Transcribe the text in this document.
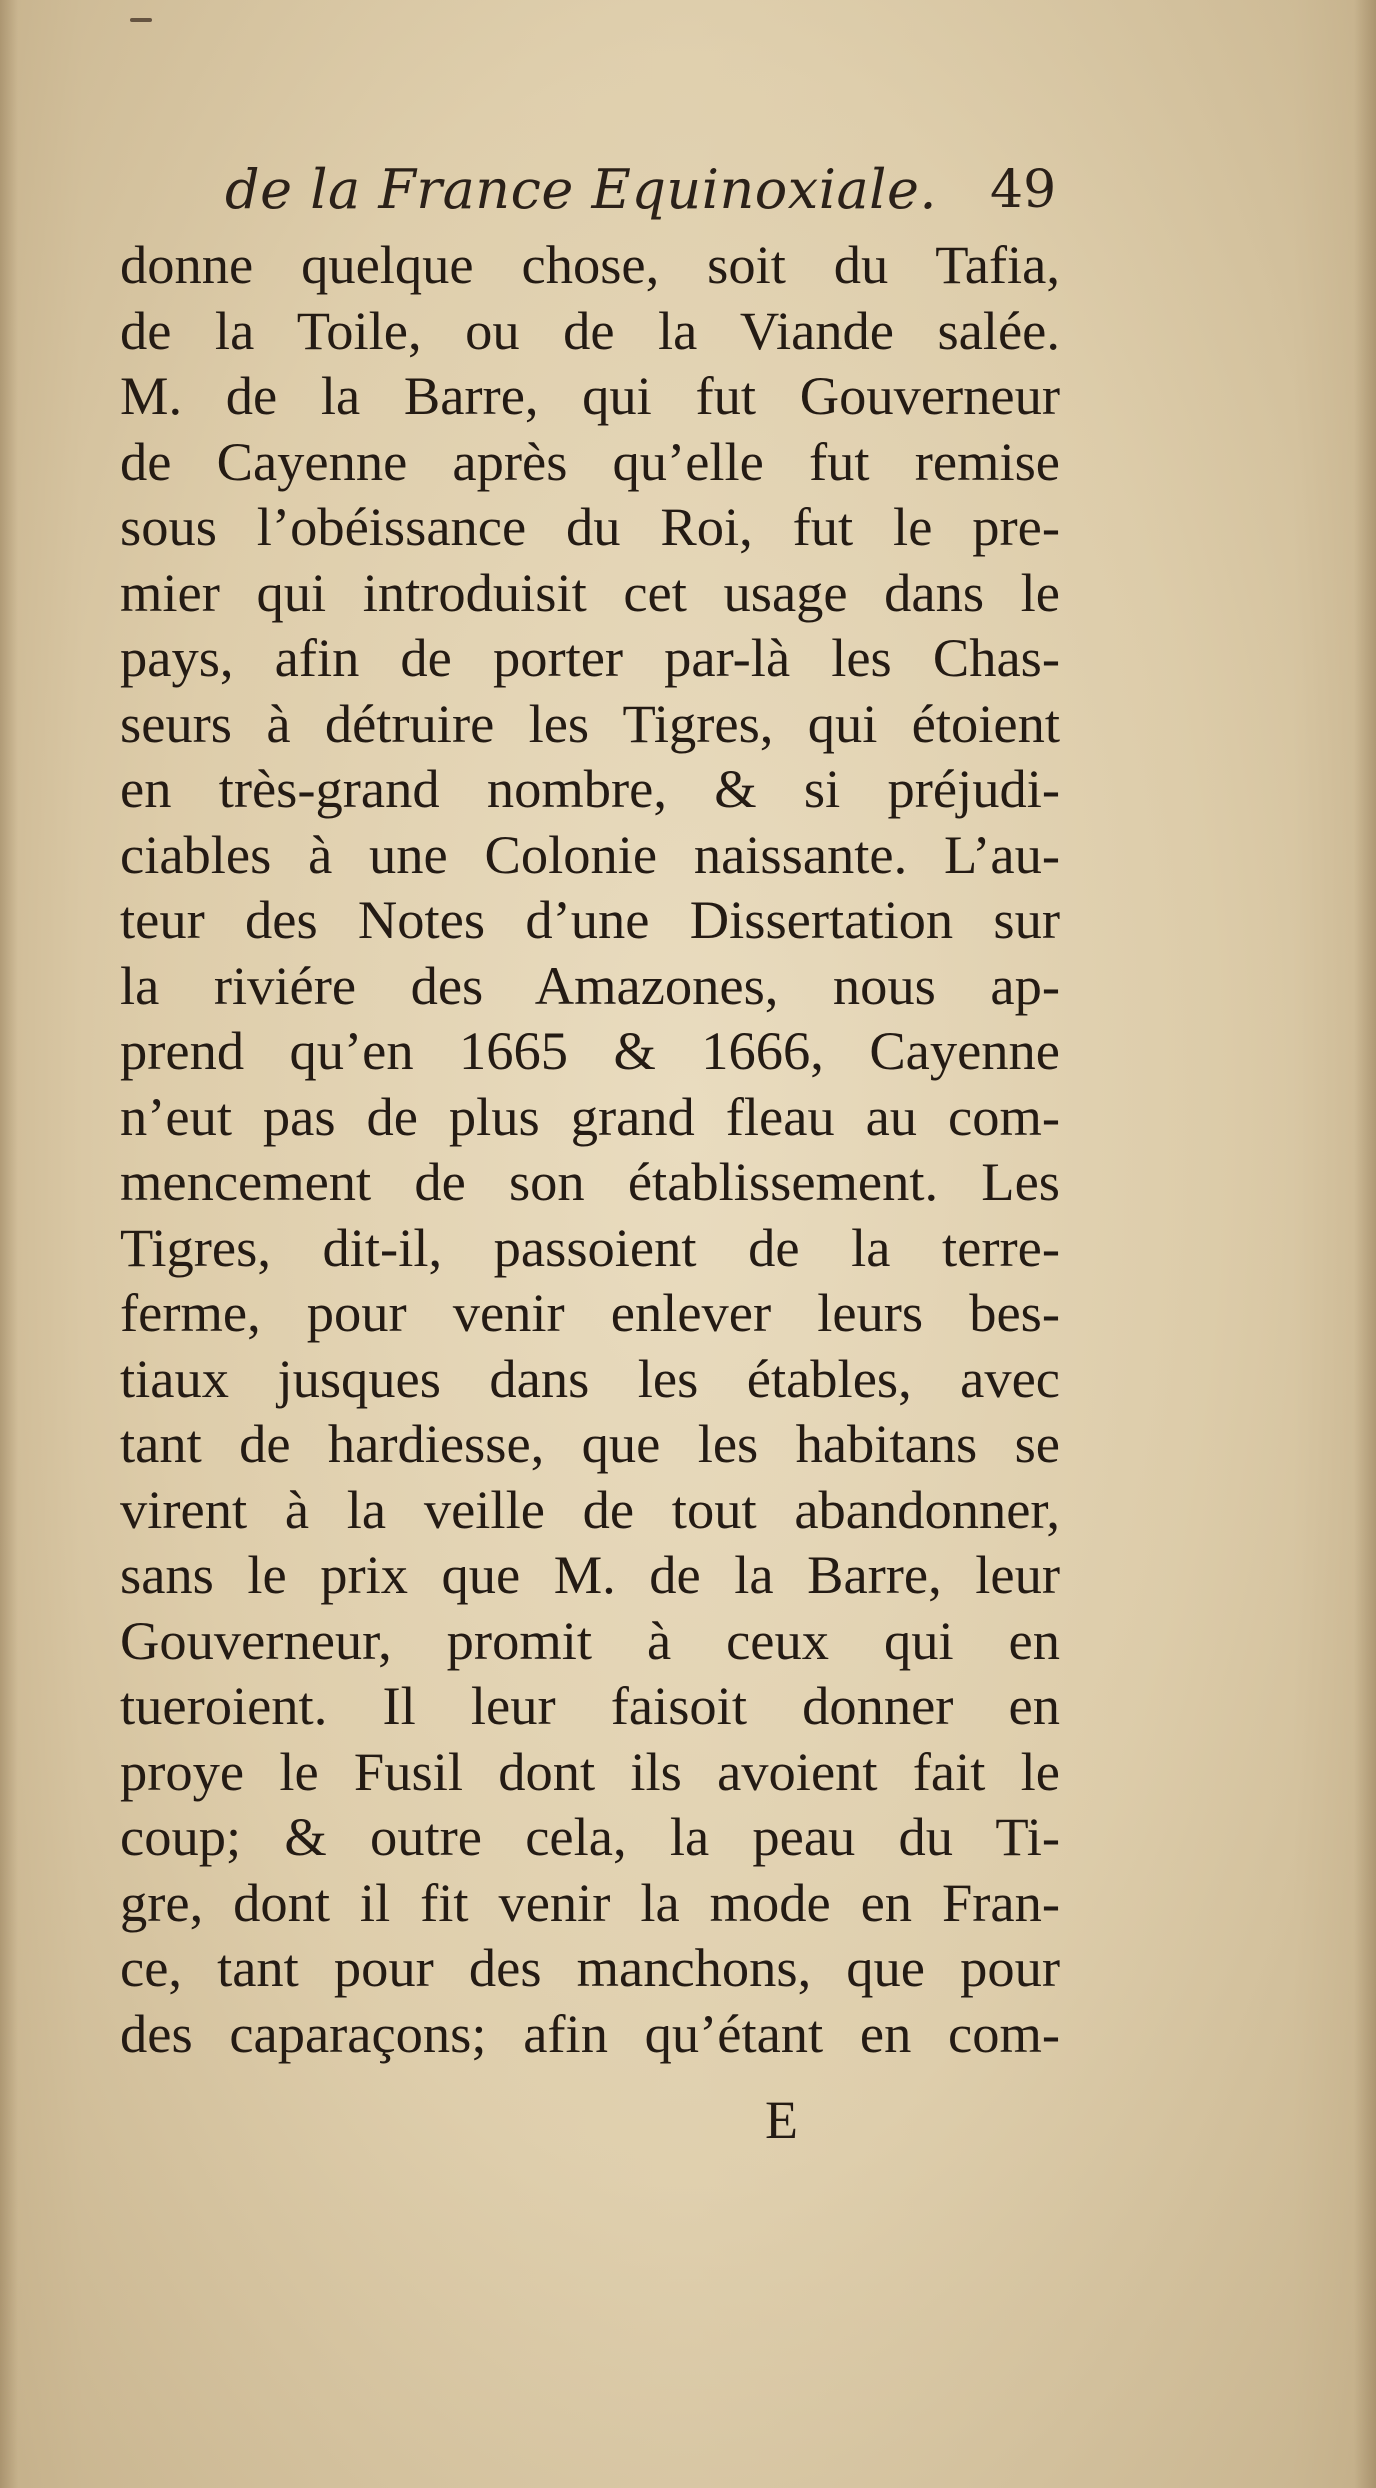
de la France Equinoxiale. 49
donne quelque chose, soit du Tafia,
de la Toile, ou de la Viande salée.
M. de la Barre, qui fut Gouverneur
de Cayenne après qu’elle fut remise
sous l’obéissance du Roi, fut le pre-
mier qui introduisit cet usage dans le
pays, afin de porter par-là les Chas-
seurs à détruire les Tigres, qui étoient
en très-grand nombre, & si préjudi-
ciables à une Colonie naissante. L’au-
teur des Notes d’une Dissertation sur
la riviére des Amazones, nous ap-
prend qu’en 1665 & 1666, Cayenne
n’eut pas de plus grand fleau au com-
mencement de son établissement. Les
Tigres, dit-il, passoient de la terre-
ferme, pour venir enlever leurs bes-
tiaux jusques dans les étables, avec
tant de hardiesse, que les habitans se
virent à la veille de tout abandonner,
sans le prix que M. de la Barre, leur
Gouverneur, promit à ceux qui en
tueroient. Il leur faisoit donner en
proye le Fusil dont ils avoient fait le
coup; & outre cela, la peau du Ti-
gre, dont il fit venir la mode en Fran-
ce, tant pour des manchons, que pour
des caparaçons; afin qu’étant en com-
E
